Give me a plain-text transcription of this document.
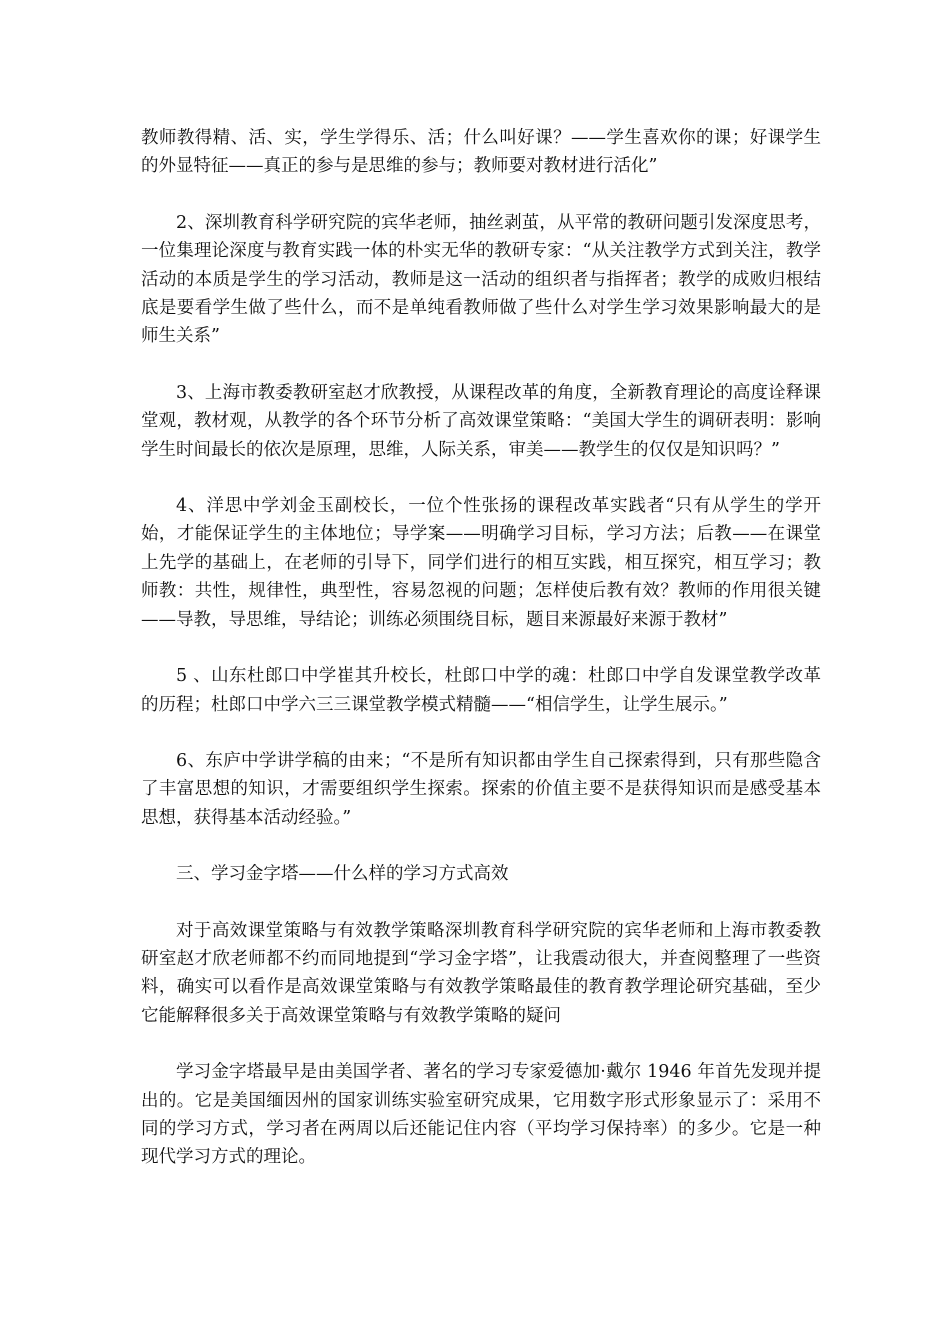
教师教得精、活、实，学生学得乐、活；什么叫好课？——学生喜欢你的课；好课学生的外显特征——真正的参与是思维的参与；教师要对教材进行活化”

2、深圳教育科学研究院的宾华老师，抽丝剥茧，从平常的教研问题引发深度思考，一位集理论深度与教育实践一体的朴实无华的教研专家：“从关注教学方式到关注，教学活动的本质是学生的学习活动，教师是这一活动的组织者与指挥者；教学的成败归根结底是要看学生做了些什么，而不是单纯看教师做了些什么对学生学习效果影响最大的是师生关系”

3、上海市教委教研室赵才欣教授，从课程改革的角度，全新教育理论的高度诠释课堂观，教材观，从教学的各个环节分析了高效课堂策略：“美国大学生的调研表明：影响学生时间最长的依次是原理，思维，人际关系，审美——教学生的仅仅是知识吗？”

4、洋思中学刘金玉副校长，一位个性张扬的课程改革实践者“只有从学生的学开始，才能保证学生的主体地位；导学案——明确学习目标，学习方法；后教——在课堂上先学的基础上，在老师的引导下，同学们进行的相互实践，相互探究，相互学习；教师教：共性，规律性，典型性，容易忽视的问题；怎样使后教有效？教师的作用很关键——导教，导思维，导结论；训练必须围绕目标，题目来源最好来源于教材”

5 、山东杜郎口中学崔其升校长，杜郎口中学的魂：杜郎口中学自发课堂教学改革的历程；杜郎口中学六三三课堂教学模式精髓——“相信学生，让学生展示。”

6、东庐中学讲学稿的由来；“不是所有知识都由学生自己探索得到，只有那些隐含了丰富思想的知识，才需要组织学生探索。探索的价值主要不是获得知识而是感受基本思想，获得基本活动经验。”

三、学习金字塔——什么样的学习方式高效

对于高效课堂策略与有效教学策略深圳教育科学研究院的宾华老师和上海市教委教研室赵才欣老师都不约而同地提到“学习金字塔”，让我震动很大，并查阅整理了一些资料，确实可以看作是高效课堂策略与有效教学策略最佳的教育教学理论研究基础，至少它能解释很多关于高效课堂策略与有效教学策略的疑问

学习金字塔最早是由美国学者、著名的学习专家爱德加·戴尔 1946 年首先发现并提出的。它是美国缅因州的国家训练实验室研究成果，它用数字形式形象显示了：采用不同的学习方式，学习者在两周以后还能记住内容（平均学习保持率）的多少。它是一种现代学习方式的理论。
